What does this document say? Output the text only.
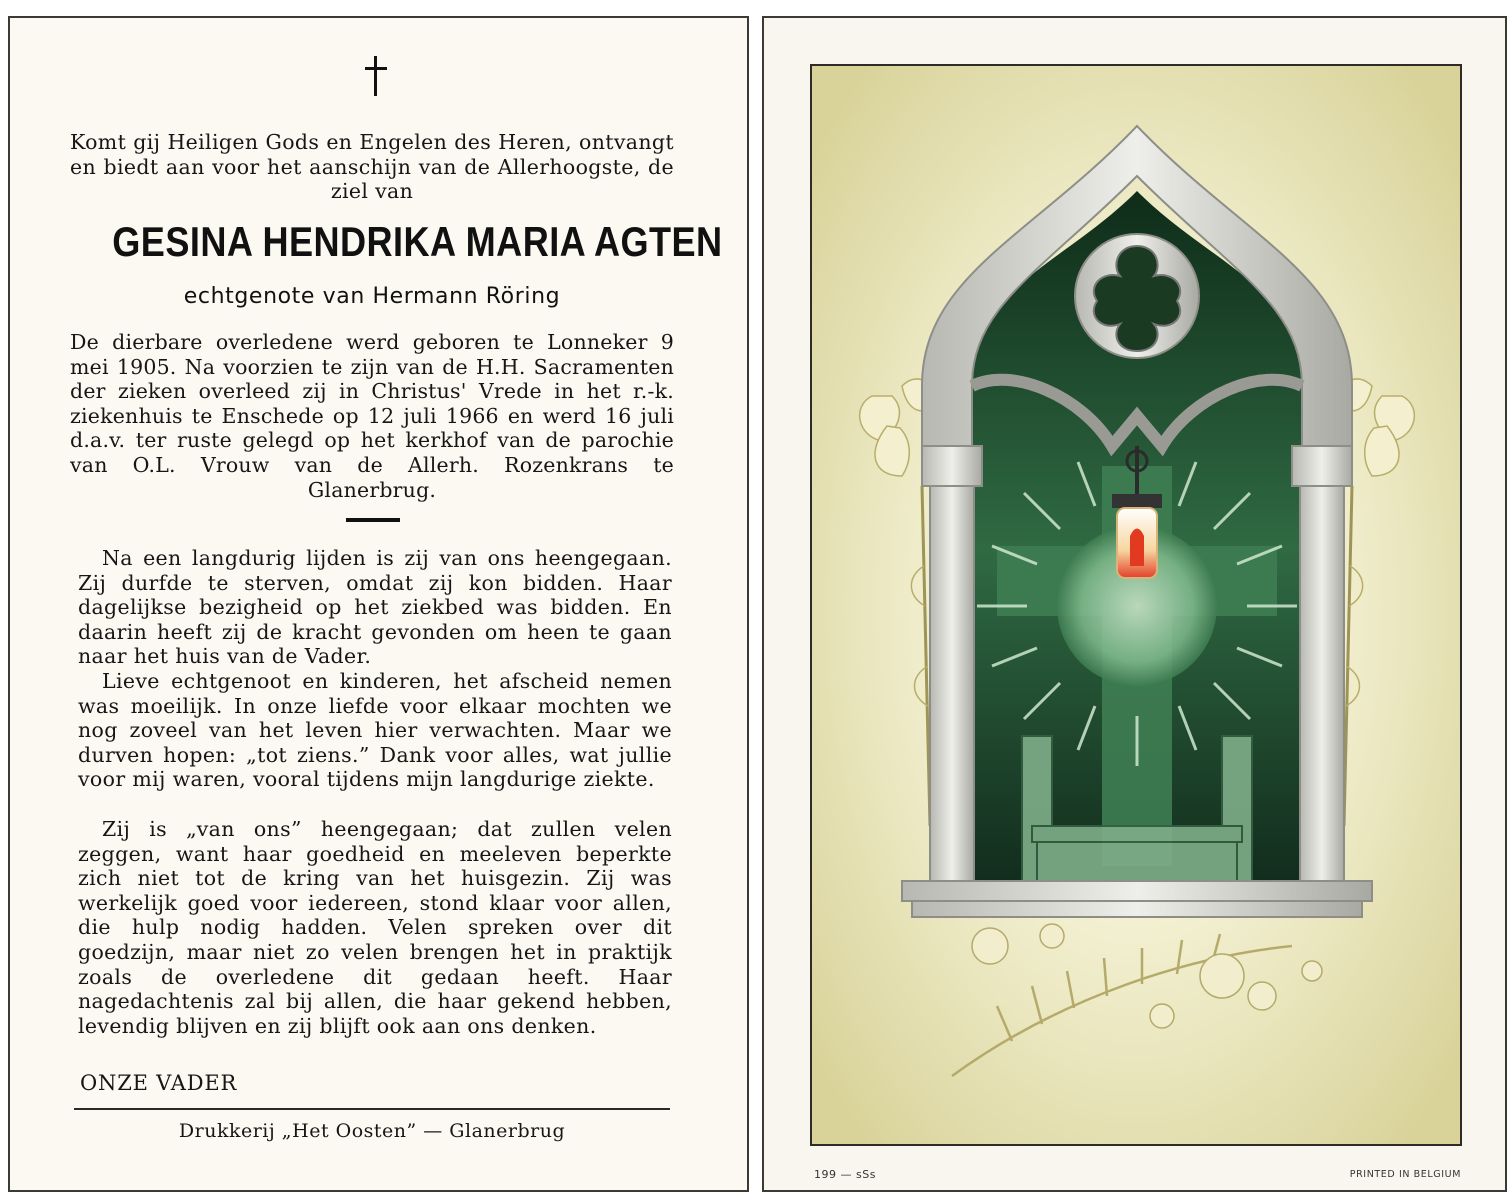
Komt gij Heiligen Gods en Engelen des Heren, ontvangt en biedt aan voor het aanschijn van de Allerhoogste, de ziel van
GESINA HENDRIKA MARIA AGTEN
echtgenote van Hermann Röring
De dierbare overledene werd geboren te Lonneker 9 mei 1905. Na voorzien te zijn van de H.H. Sacramenten der zieken overleed zij in Christus' Vrede in het r.-k. ziekenhuis te Enschede op 12 juli 1966 en werd 16 juli d.a.v. ter ruste gelegd op het kerkhof van de parochie van O.L. Vrouw van de Allerh. Rozenkrans te Glanerbrug.
Na een langdurig lijden is zij van ons heengegaan. Zij durfde te sterven, omdat zij kon bidden. Haar dagelijkse bezigheid op het ziekbed was bidden. En daarin heeft zij de kracht gevonden om heen te gaan naar het huis van de Vader.
Lieve echtgenoot en kinderen, het afscheid nemen was moeilijk. In onze liefde voor elkaar mochten we nog zoveel van het leven hier verwachten. Maar we durven hopen: „tot ziens.” Dank voor alles, wat jullie voor mij waren, vooral tijdens mijn langdurige ziekte.
Zij is „van ons” heengegaan; dat zullen velen zeggen, want haar goedheid en meeleven beperkte zich niet tot de kring van het huisgezin. Zij was werkelijk goed voor iedereen, stond klaar voor allen, die hulp nodig hadden. Velen spreken over dit goedzijn, maar niet zo velen brengen het in praktijk zoals de overledene dit gedaan heeft. Haar nagedachtenis zal bij allen, die haar gekend hebben, levendig blijven en zij blijft ook aan ons denken.
ONZE VADER
Drukkerij „Het Oosten” — Glanerbrug
199 — sSs	PRINTED IN BELGIUM
